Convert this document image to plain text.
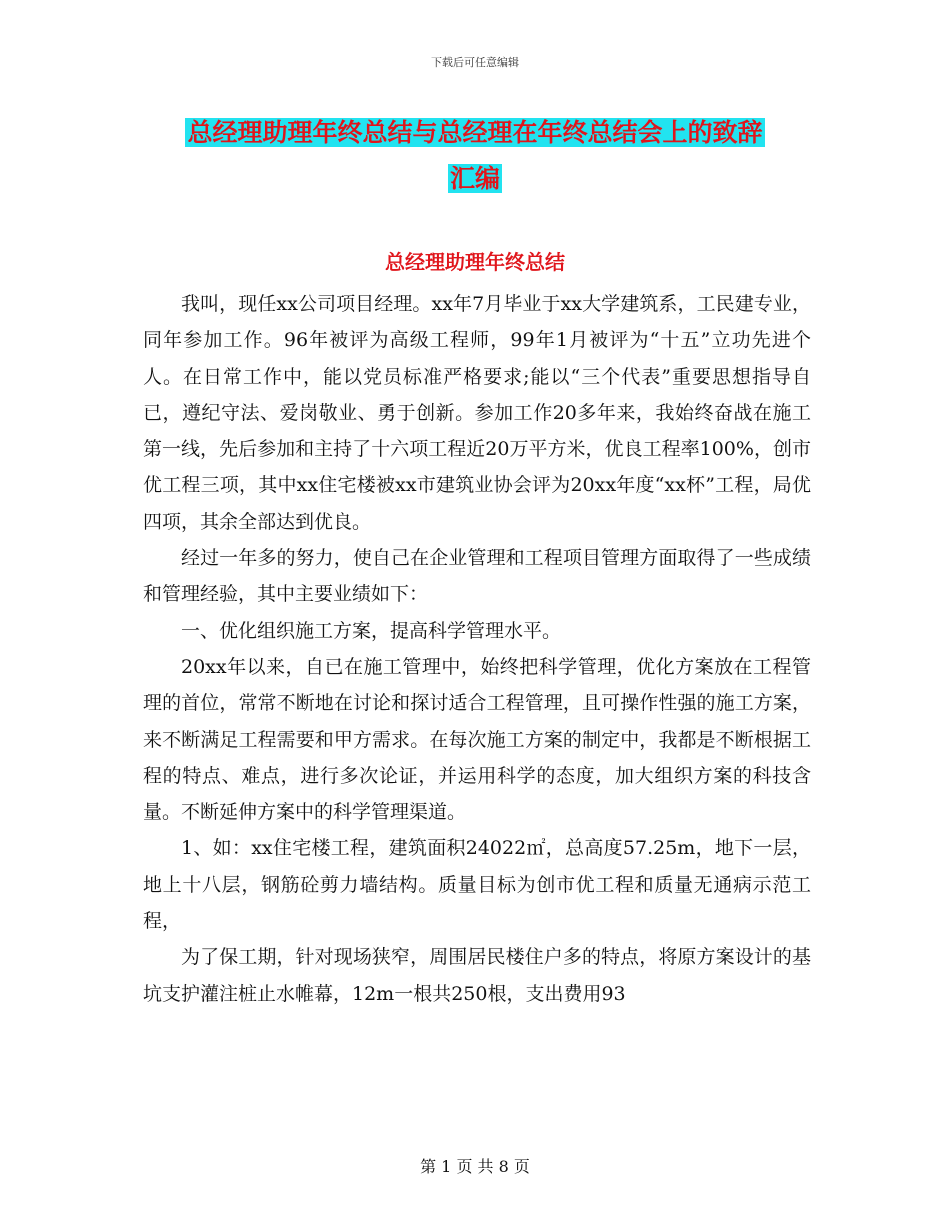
下载后可任意编辑
总经理助理年终总结与总经理在年终总结会上的致辞
汇编
总经理助理年终总结

我叫，现任xx公司项目经理。xx年7月毕业于xx大学建筑系，工民建专业，同年参加工作。96年被评为高级工程师，99年1月被评为“十五”立功先进个人。在日常工作中，能以党员标准严格要求;能以“三个代表”重要思想指导自已，遵纪守法、爱岗敬业、勇于创新。参加工作20多年来，我始终奋战在施工第一线，先后参加和主持了十六项工程近20万平方米，优良工程率100%，创市优工程三项，其中xx住宅楼被xx市建筑业协会评为20xx年度“xx杯”工程，局优四项，其余全部达到优良。

经过一年多的努力，使自己在企业管理和工程项目管理方面取得了一些成绩和管理经验，其中主要业绩如下：

一、优化组织施工方案，提高科学管理水平。

20xx年以来，自已在施工管理中，始终把科学管理，优化方案放在工程管理的首位，常常不断地在讨论和探讨适合工程管理，且可操作性强的施工方案，来不断满足工程需要和甲方需求。在每次施工方案的制定中，我都是不断根据工程的特点、难点，进行多次论证，并运用科学的态度，加大组织方案的科技含量。不断延伸方案中的科学管理渠道。

1、如：xx住宅楼工程，建筑面积24022㎡，总高度57.25m，地下一层，地上十八层，钢筋砼剪力墙结构。质量目标为创市优工程和质量无通病示范工程，

为了保工期，针对现场狭窄，周围居民楼住户多的特点，将原方案设计的基坑支护灌注桩止水帷幕，12m一根共250根，支出费用93

第 1 页 共 8 页
